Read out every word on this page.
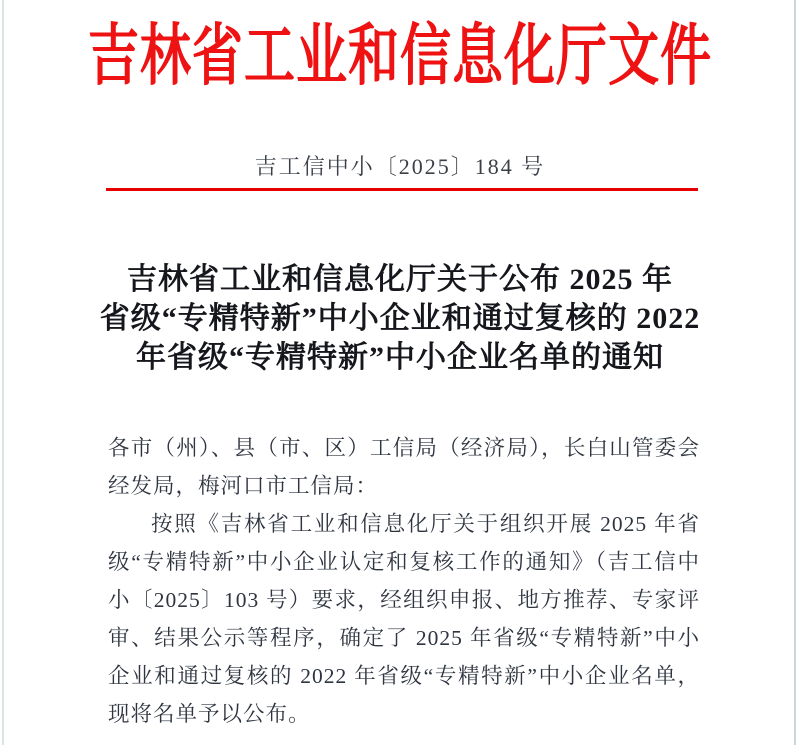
吉林省工业和信息化厅文件
吉工信中小〔2025〕184 号
吉林省工业和信息化厅关于公布 2025 年
省级“专精特新”中小企业和通过复核的 2022
年省级“专精特新”中小企业名单的通知

各市（州）、县（市、区）工信局（经济局），长白山管委会经发局，梅河口市工信局：

按照《吉林省工业和信息化厅关于组织开展 2025 年省级“专精特新”中小企业认定和复核工作的通知》（吉工信中小〔2025〕103 号）要求，经组织申报、地方推荐、专家评审、结果公示等程序，确定了 2025 年省级“专精特新”中小企业和通过复核的 2022 年省级“专精特新”中小企业名单，现将名单予以公布。
